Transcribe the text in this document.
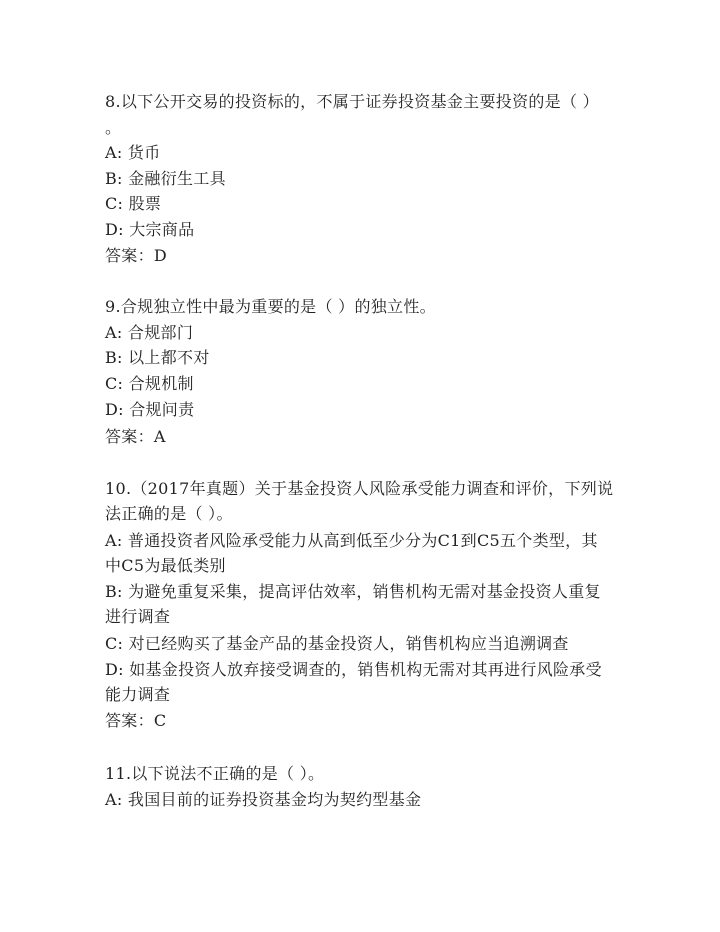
8.以下公开交易的投资标的，不属于证券投资基金主要投资的是（ ）
。
A: 货币
B: 金融衍生工具
C: 股票
D: 大宗商品
答案：D
9.合规独立性中最为重要的是（ ）的独立性。
A: 合规部门
B: 以上都不对
C: 合规机制
D: 合规问责
答案：A
10.（2017年真题）关于基金投资人风险承受能力调查和评价，下列说
法正确的是（ ）。
A: 普通投资者风险承受能力从高到低至少分为C1到C5五个类型，其
中C5为最低类别
B: 为避免重复采集，提高评估效率，销售机构无需对基金投资人重复
进行调查
C: 对已经购买了基金产品的基金投资人，销售机构应当追溯调查
D: 如基金投资人放弃接受调查的，销售机构无需对其再进行风险承受
能力调查
答案：C
11.以下说法不正确的是（ ）。
A: 我国目前的证券投资基金均为契约型基金
